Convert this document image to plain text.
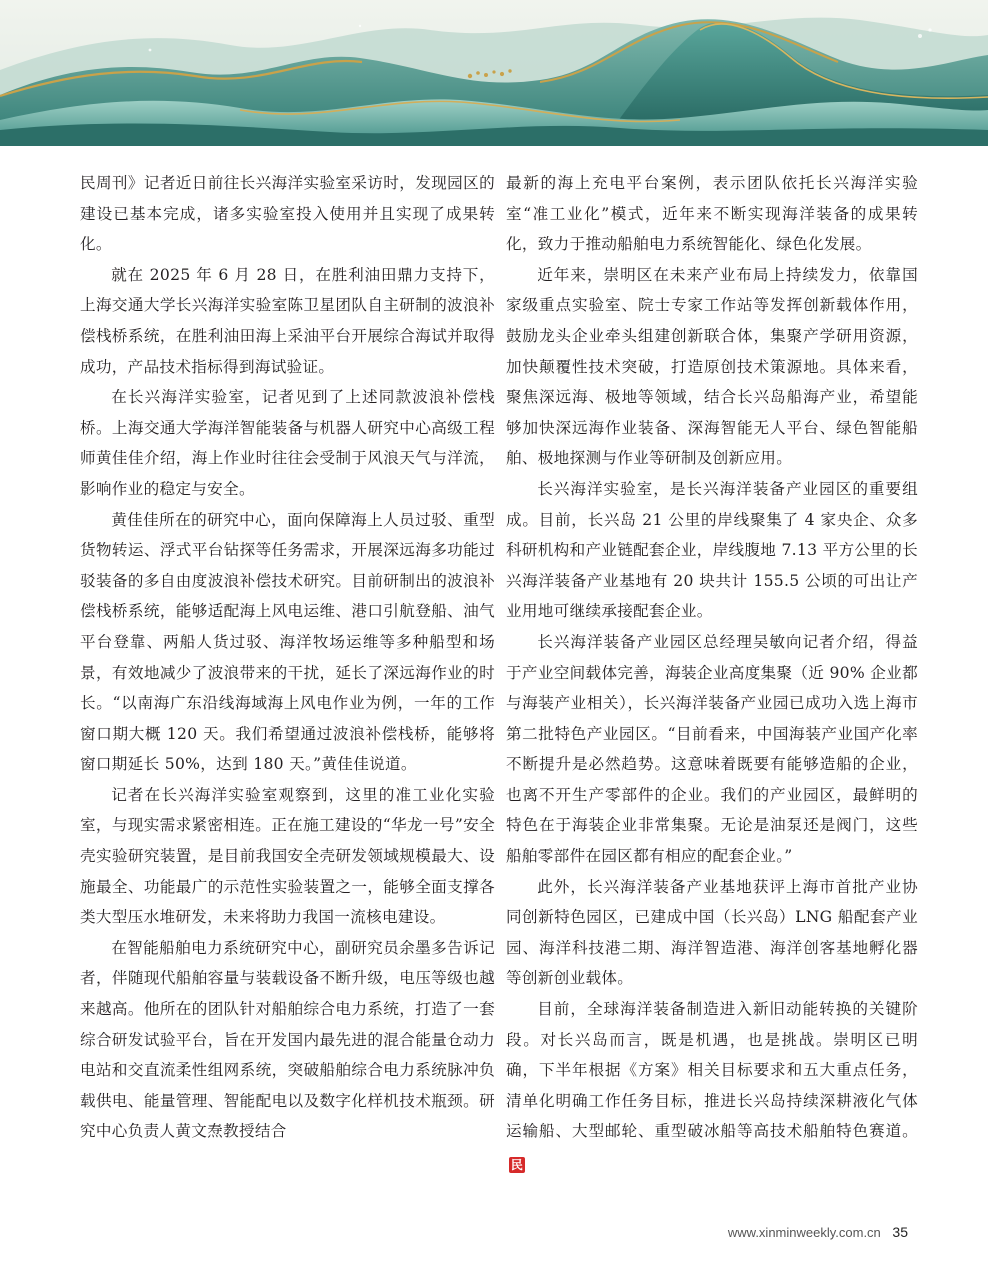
民周刊》记者近日前往长兴海洋实验室采访时，发现园区的建设已基本完成，诸多实验室投入使用并且实现了成果转化。

就在 2025 年 6 月 28 日，在胜利油田鼎力支持下，上海交通大学长兴海洋实验室陈卫星团队自主研制的波浪补偿栈桥系统，在胜利油田海上采油平台开展综合海试并取得成功，产品技术指标得到海试验证。

在长兴海洋实验室，记者见到了上述同款波浪补偿栈桥。上海交通大学海洋智能装备与机器人研究中心高级工程师黄佳佳介绍，海上作业时往往会受制于风浪天气与洋流，影响作业的稳定与安全。

黄佳佳所在的研究中心，面向保障海上人员过驳、重型货物转运、浮式平台钻探等任务需求，开展深远海多功能过驳装备的多自由度波浪补偿技术研究。目前研制出的波浪补偿栈桥系统，能够适配海上风电运维、港口引航登船、油气平台登靠、两船人货过驳、海洋牧场运维等多种船型和场景，有效地减少了波浪带来的干扰，延长了深远海作业的时长。“以南海广东沿线海域海上风电作业为例，一年的工作窗口期大概 120 天。我们希望通过波浪补偿栈桥，能够将窗口期延长 50%，达到 180 天。”黄佳佳说道。

记者在长兴海洋实验室观察到，这里的准工业化实验室，与现实需求紧密相连。正在施工建设的“华龙一号”安全壳实验研究装置，是目前我国安全壳研发领域规模最大、设施最全、功能最广的示范性实验装置之一，能够全面支撑各类大型压水堆研发，未来将助力我国一流核电建设。

在智能船舶电力系统研究中心，副研究员余墨多告诉记者，伴随现代船舶容量与装载设备不断升级，电压等级也越来越高。他所在的团队针对船舶综合电力系统，打造了一套综合研发试验平台，旨在开发国内最先进的混合能量仓动力电站和交直流柔性组网系统，突破船舶综合电力系统脉冲负载供电、能量管理、智能配电以及数字化样机技术瓶颈。研究中心负责人黄文焘教授结合

最新的海上充电平台案例，表示团队依托长兴海洋实验室“准工业化”模式，近年来不断实现海洋装备的成果转化，致力于推动船舶电力系统智能化、绿色化发展。

近年来，崇明区在未来产业布局上持续发力，依靠国家级重点实验室、院士专家工作站等发挥创新载体作用，鼓励龙头企业牵头组建创新联合体，集聚产学研用资源，加快颠覆性技术突破，打造原创技术策源地。具体来看，聚焦深远海、极地等领域，结合长兴岛船海产业，希望能够加快深远海作业装备、深海智能无人平台、绿色智能船舶、极地探测与作业等研制及创新应用。

长兴海洋实验室，是长兴海洋装备产业园区的重要组成。目前，长兴岛 21 公里的岸线聚集了 4 家央企、众多科研机构和产业链配套企业，岸线腹地 7.13 平方公里的长兴海洋装备产业基地有 20 块共计 155.5 公顷的可出让产业用地可继续承接配套企业。

长兴海洋装备产业园区总经理吴敏向记者介绍，得益于产业空间载体完善，海装企业高度集聚（近 90% 企业都与海装产业相关），长兴海洋装备产业园已成功入选上海市第二批特色产业园区。“目前看来，中国海装产业国产化率不断提升是必然趋势。这意味着既要有能够造船的企业，也离不开生产零部件的企业。我们的产业园区，最鲜明的特色在于海装企业非常集聚。无论是油泵还是阀门，这些船舶零部件在园区都有相应的配套企业。”

此外，长兴海洋装备产业基地获评上海市首批产业协同创新特色园区，已建成中国（长兴岛）LNG 船配套产业园、海洋科技港二期、海洋智造港、海洋创客基地孵化器等创新创业载体。

目前，全球海洋装备制造进入新旧动能转换的关键阶段。对长兴岛而言，既是机遇，也是挑战。崇明区已明确，下半年根据《方案》相关目标要求和五大重点任务，清单化明确工作任务目标，推进长兴岛持续深耕液化气体运输船、大型邮轮、重型破冰船等高技术船舶特色赛道。民

www.xinminweekly.com.cn 35
